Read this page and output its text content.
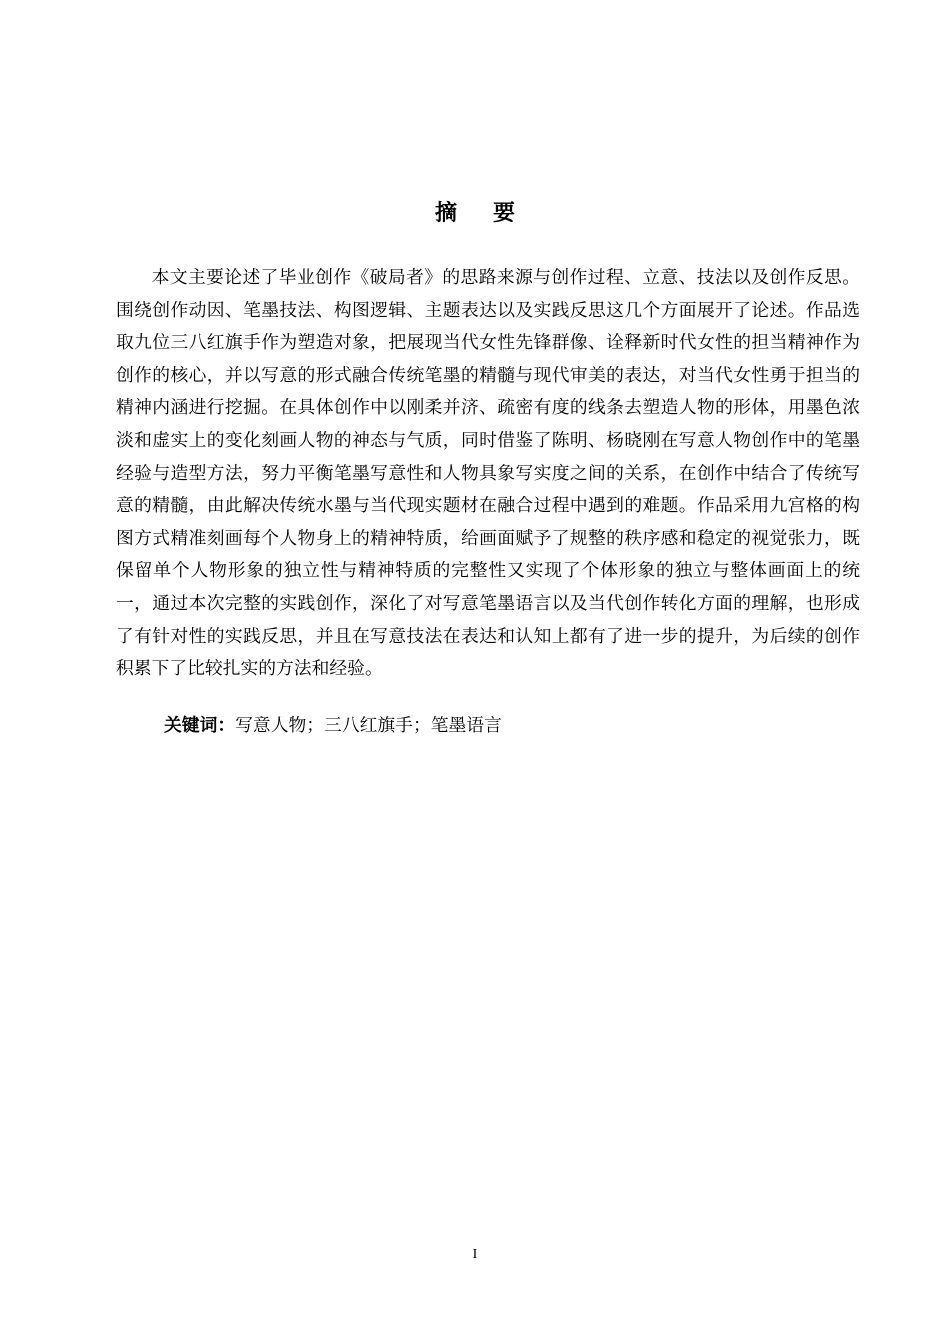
摘要

本文主要论述了毕业创作《破局者》的思路来源与创作过程、立意、技法以及创作反思。围绕创作动因、笔墨技法、构图逻辑、主题表达以及实践反思这几个方面展开了论述。作品选取九位三八红旗手作为塑造对象，把展现当代女性先锋群像、诠释新时代女性的担当精神作为创作的核心，并以写意的形式融合传统笔墨的精髓与现代审美的表达，对当代女性勇于担当的精神内涵进行挖掘。在具体创作中以刚柔并济、疏密有度的线条去塑造人物的形体，用墨色浓淡和虚实上的变化刻画人物的神态与气质，同时借鉴了陈明、杨晓刚在写意人物创作中的笔墨经验与造型方法，努力平衡笔墨写意性和人物具象写实度之间的关系，在创作中结合了传统写意的精髓，由此解决传统水墨与当代现实题材在融合过程中遇到的难题。作品采用九宫格的构图方式精准刻画每个人物身上的精神特质，给画面赋予了规整的秩序感和稳定的视觉张力，既保留单个人物形象的独立性与精神特质的完整性又实现了个体形象的独立与整体画面上的统一，通过本次完整的实践创作，深化了对写意笔墨语言以及当代创作转化方面的理解，也形成了有针对性的实践反思，并且在写意技法在表达和认知上都有了进一步的提升，为后续的创作积累下了比较扎实的方法和经验。

关键词：写意人物；三八红旗手；笔墨语言

I
